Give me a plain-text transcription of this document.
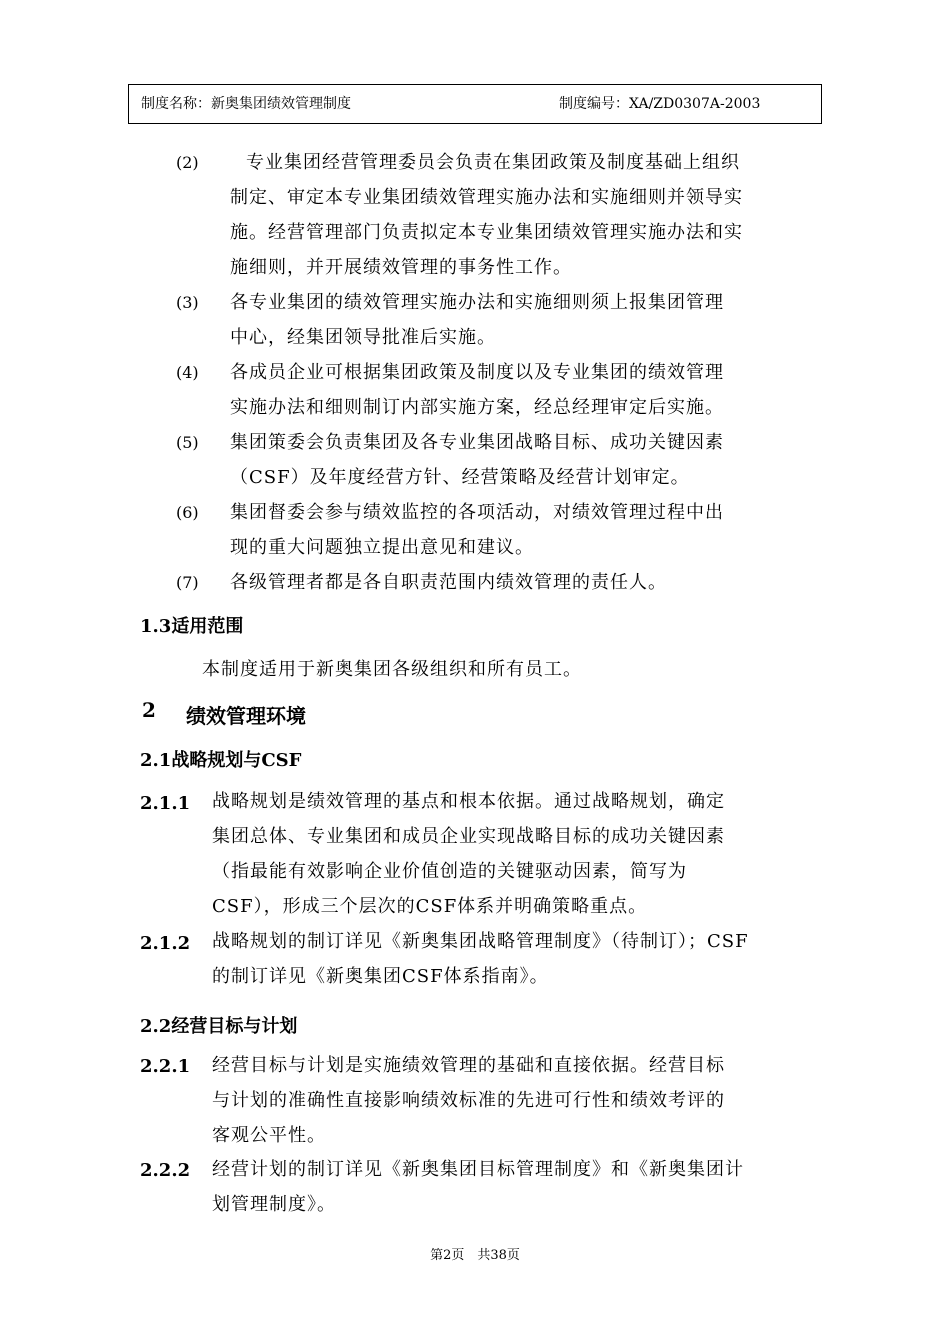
制度名称：新奥集团绩效管理制度	制度编号：XA/ZD0307A-2003
(2)	专业集团经营管理委员会负责在集团政策及制度基础上组织
制定、审定本专业集团绩效管理实施办法和实施细则并领导实
施。经营管理部门负责拟定本专业集团绩效管理实施办法和实
施细则，并开展绩效管理的事务性工作。
(3) 各专业集团的绩效管理实施办法和实施细则须上报集团管理
中心，经集团领导批准后实施。
(4) 各成员企业可根据集团政策及制度以及专业集团的绩效管理
实施办法和细则制订内部实施方案，经总经理审定后实施。
(5) 集团策委会负责集团及各专业集团战略目标、成功关键因素
（CSF）及年度经营方针、经营策略及经营计划审定。
(6) 集团督委会参与绩效监控的各项活动，对绩效管理过程中出
现的重大问题独立提出意见和建议。
(7) 各级管理者都是各自职责范围内绩效管理的责任人。
1.3适用范围
本制度适用于新奥集团各级组织和所有员工。
2 绩效管理环境
2.1战略规划与CSF
2.1.1 战略规划是绩效管理的基点和根本依据。通过战略规划，确定
集团总体、专业集团和成员企业实现战略目标的成功关键因素
（指最能有效影响企业价值创造的关键驱动因素，简写为
CSF），形成三个层次的CSF体系并明确策略重点。
2.1.2 战略规划的制订详见《新奥集团战略管理制度》（待制订）；CSF
的制订详见《新奥集团CSF体系指南》。
2.2经营目标与计划
2.2.1 经营目标与计划是实施绩效管理的基础和直接依据。经营目标
与计划的准确性直接影响绩效标准的先进可行性和绩效考评的
客观公平性。
2.2.2 经营计划的制订详见《新奥集团目标管理制度》和《新奥集团计
划管理制度》。
第2页　共38页
